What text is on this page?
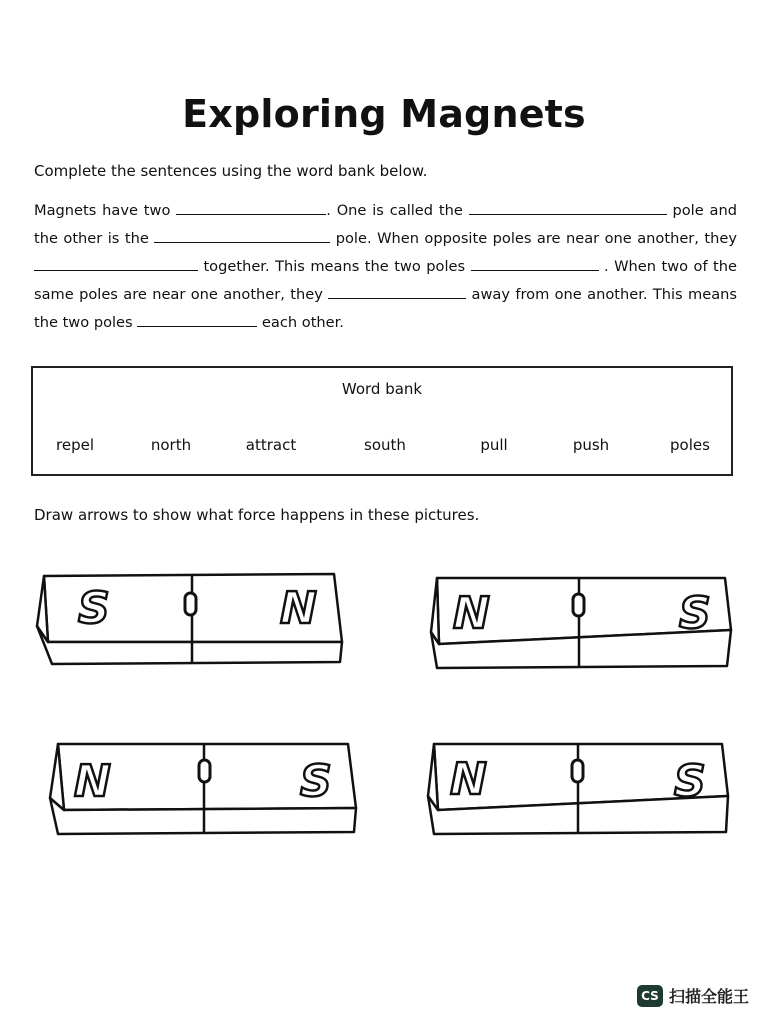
Exploring Magnets
Complete the sentences using the word bank below.
Magnets have two	. One is called the	pole and the other is the	pole. When opposite poles are near one another, they  together. This means the two poles	. When two of the same poles are near one another, they	away from one another. This means the two poles	each other.
Word bank
repel	north	attract	south	pull	push	poles
Draw arrows to show what force happens in these pictures.
S	N	N	S
N	S	N	S
CS 扫描全能王
